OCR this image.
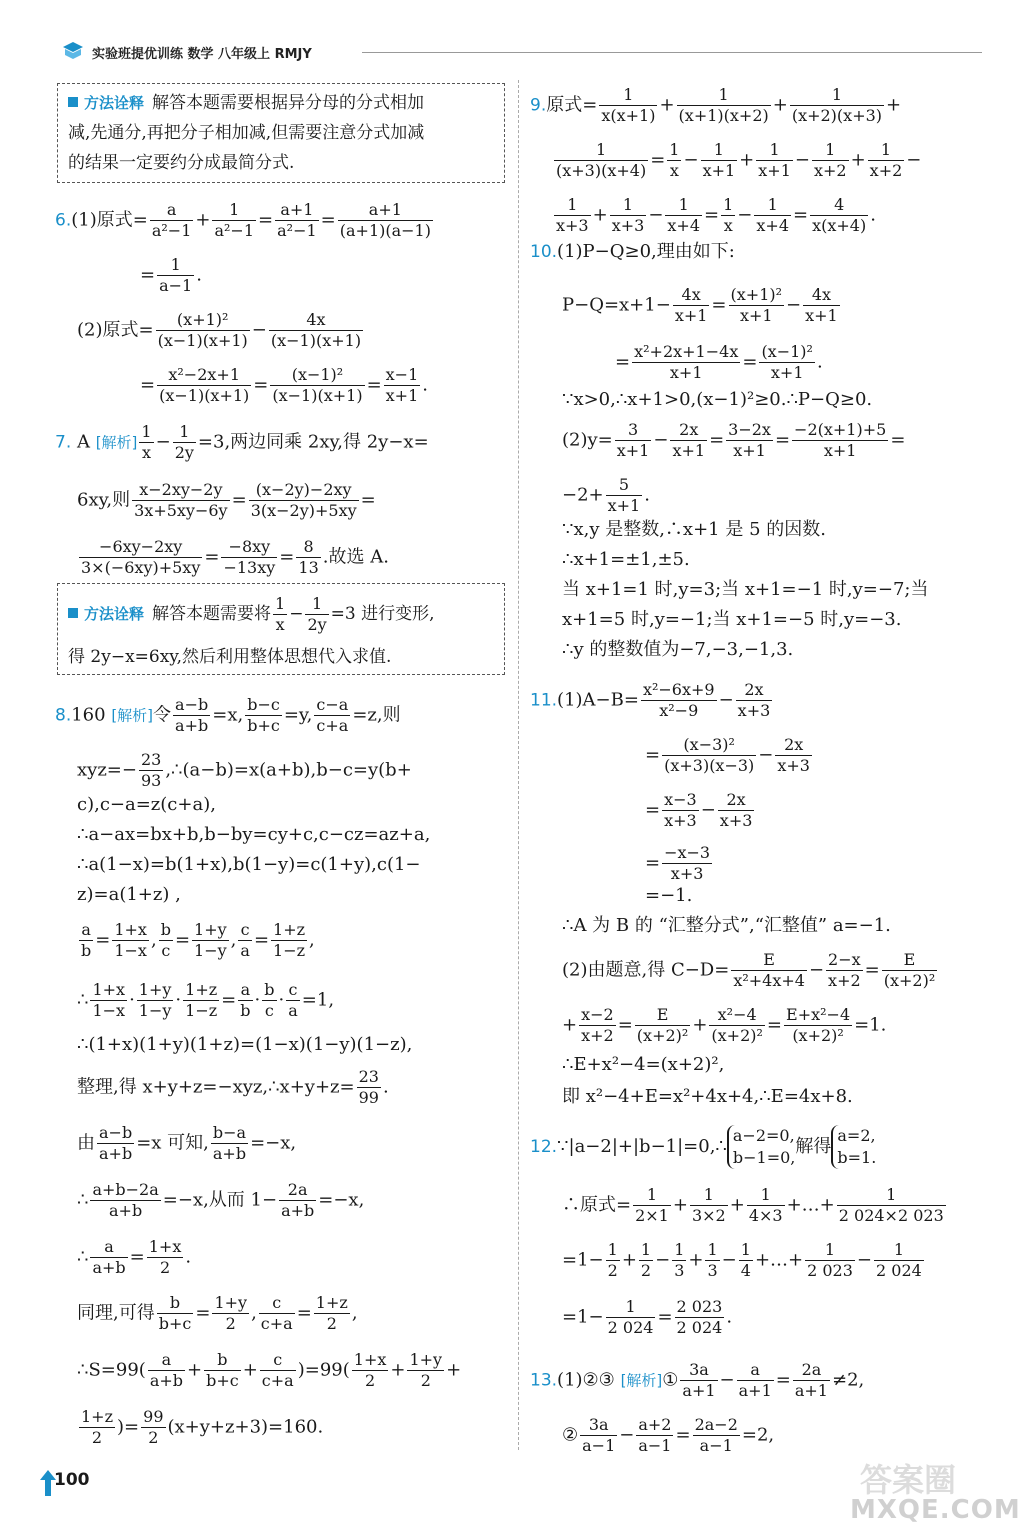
实验班提优训练 数学 八年级上 RMJY
方法诠释 解答本题需要根据异分母的分式相加
减,先通分,再把分子相加减,但需要注意分式加减
的结果一定要约分成最简分式.
6.(1)原式= $\frac{a}{\text{a²−1}} + \frac{1}{\text{a²−1}} = \frac{a+1}{\text{a²−1}} = \frac{a+1}{(a+1)(a-1)}$
= $\frac{1}{a-1}$ .
(2)原式= $\frac{\text{(x+1)²}}{(x-1)(x+1)} - \frac{4x}{(x-1)(x+1)}$
= $\frac{\text{x²−2x+1}}{(x-1)(x+1)} = \frac{\text{(x−1)²}}{(x-1)(x+1)} = \frac{x-1}{x+1}$ .
7. A [解析] $\frac{1}{x} - \frac{1}{2y} =3$,两边同乘 2xy,得 2y−x=
6xy,则 $\frac{x-2xy-2y}{3x+5xy-6y} = \frac{(x-2y)-2xy}{3(x-2y)+5xy}$ =
$\frac{-6xy-2xy}{3\times(-6xy)+5xy} = \frac{-8xy}{-13xy} = \frac{8}{13}$ .故选 A.
方法诠释 解答本题需要将 $\frac{1}{x} - \frac{1}{2y} =3$ 进行变形,
得 2y−x=6xy,然后利用整体思想代入求值.
8.160 [解析]令 $\frac{a-b}{a+b} =x$, $\frac{b-c}{b+c} =y$, $\frac{c-a}{c+a} =z$,则
$xyz=- \frac{23}{93}$ ,∴(a−b)=x(a+b),b−c=y(b+
c),c−a=z(c+a),
∴a−ax=bx+b,b−by=cy+c,c−cz=az+a,
∴a(1−x)=b(1+x),b(1−y)=c(1+y),c(1−
z)=a(1+z) ,
$\frac{a}{b} = \frac{1+x}{1-x}$ , $\frac{b}{c} = \frac{1+y}{1-y}$ , $\frac{c}{a} = \frac{1+z}{1-z}$ ,
∴ $\frac{1+x}{1-x} \cdot \frac{1+y}{1-y} \cdot \frac{1+z}{1-z} = \frac{a}{b} \cdot \frac{b}{c} \cdot \frac{c}{a} =1$,
∴(1+x)(1+y)(1+z)=(1−x)(1−y)(1−z),
整理,得 x+y+z=−xyz,∴x+y+z= $\frac{23}{99}$ .
由 $\frac{a-b}{a+b} =x$ 可知, $\frac{b-a}{a+b} =-x$,
∴ $\frac{a+b-2a}{a+b} =-x$,从而 $1- \frac{2a}{a+b} =-x$,
∴ $\frac{a}{a+b} = \frac{1+x}{2}$ .
同理,可得 $\frac{b}{b+c} = \frac{1+y}{2}$ , $\frac{c}{c+a} = \frac{1+z}{2}$ ,
∴S=99( $\frac{a}{a+b} + \frac{b}{b+c} + \frac{c}{c+a} )=99( \frac{1+x}{2} + \frac{1+y}{2}$ +
$\frac{1+z}{2}$ )= $\frac{99}{2} (x+y+z+3)=160$.
9.原式= $\frac{1}{x(x+1)} + \frac{1}{(x+1)(x+2)} + \frac{1}{(x+2)(x+3)}$ +
$\frac{1}{(x+3)(x+4)} = \frac{1}{x} - \frac{1}{x+1} + \frac{1}{x+1} - \frac{1}{x+2} + \frac{1}{x+2}$ −
$\frac{1}{x+3} + \frac{1}{x+3} - \frac{1}{x+4} = \frac{1}{x} - \frac{1}{x+4} = \frac{4}{x(x+4)}$ .
10.(1)P−Q≥0,理由如下:
$P-Q=x+1- \frac{4x}{x+1} = \frac{\text{(x+1)²}}{x+1} - \frac{4x}{x+1}$
= $\frac{\text{x²+2x+1−4x}}{x+1} = \frac{\text{(x−1)²}}{x+1}$ .
∵x>0,∴x+1>0,(x−1)²≥0.∴P−Q≥0.
$(2)y= \frac{3}{x+1} - \frac{2x}{x+1} = \frac{3-2x}{x+1} = \frac{-2(x+1)+5}{x+1}$ =
$-2+ \frac{5}{x+1}$ .
∵x,y 是整数,∴x+1 是 5 的因数.
∴x+1=±1,±5.
当 x+1=1 时,y=3;当 x+1=−1 时,y=−7;当
x+1=5 时,y=−1;当 x+1=−5 时,y=−3.
∴y 的整数值为−7,−3,−1,3.
$11.(1)A-B= \frac{\text{x²−6x+9}}{\text{x²−9}} - \frac{2x}{x+3}$
= $\frac{\text{(x−3)²}}{(x+3)(x-3)} - \frac{2x}{x+3}$
= $\frac{x-3}{x+3} - \frac{2x}{x+3}$
= $\frac{-x-3}{x+3}$
=−1.
∴A 为 B 的 “汇整分式”,“汇整值” a=−1.
(2)由题意,得 $C-D= \frac{E}{\text{x²+4x+4}} - \frac{2-x}{x+2} = \frac{E}{\text{(x+2)²}}$
+ $\frac{x-2}{x+2} = \frac{E}{\text{(x+2)²}} + \frac{\text{x²−4}}{\text{(x+2)²}} = \frac{\text{E+x²−4}}{\text{(x+2)²}} =1$.
∴E+x²−4=(x+2)²,
即 x²−4+E=x²+4x+4,∴E=4x+8.
12.∵|a−2|+|b−1|=0,∴
a−2=0,
b−1=0,
解得
a=2,
b=1.
∴原式= $\frac{1}{2\times 1} + \frac{1}{3\times 2} + \frac{1}{4\times 3}$ +…+ $\frac{1}{2 024\times 2 023}$
$=1- \frac{1}{2} + \frac{1}{2} - \frac{1}{3} + \frac{1}{3} - \frac{1}{4}$ +…+ $\frac{1}{2 023} - \frac{1}{2 024}$
$=1- \frac{1}{2 024} = \frac{2 023}{2 024}$ .
13.(1)②③ [解析]① $\frac{3a}{a+1} - \frac{a}{a+1} = \frac{2a}{a+1} \ne 2$,
② $\frac{3a}{a-1} - \frac{a+2}{a-1} = \frac{2a-2}{a-1} =2$,
100	答案圈
MXQE.COM
